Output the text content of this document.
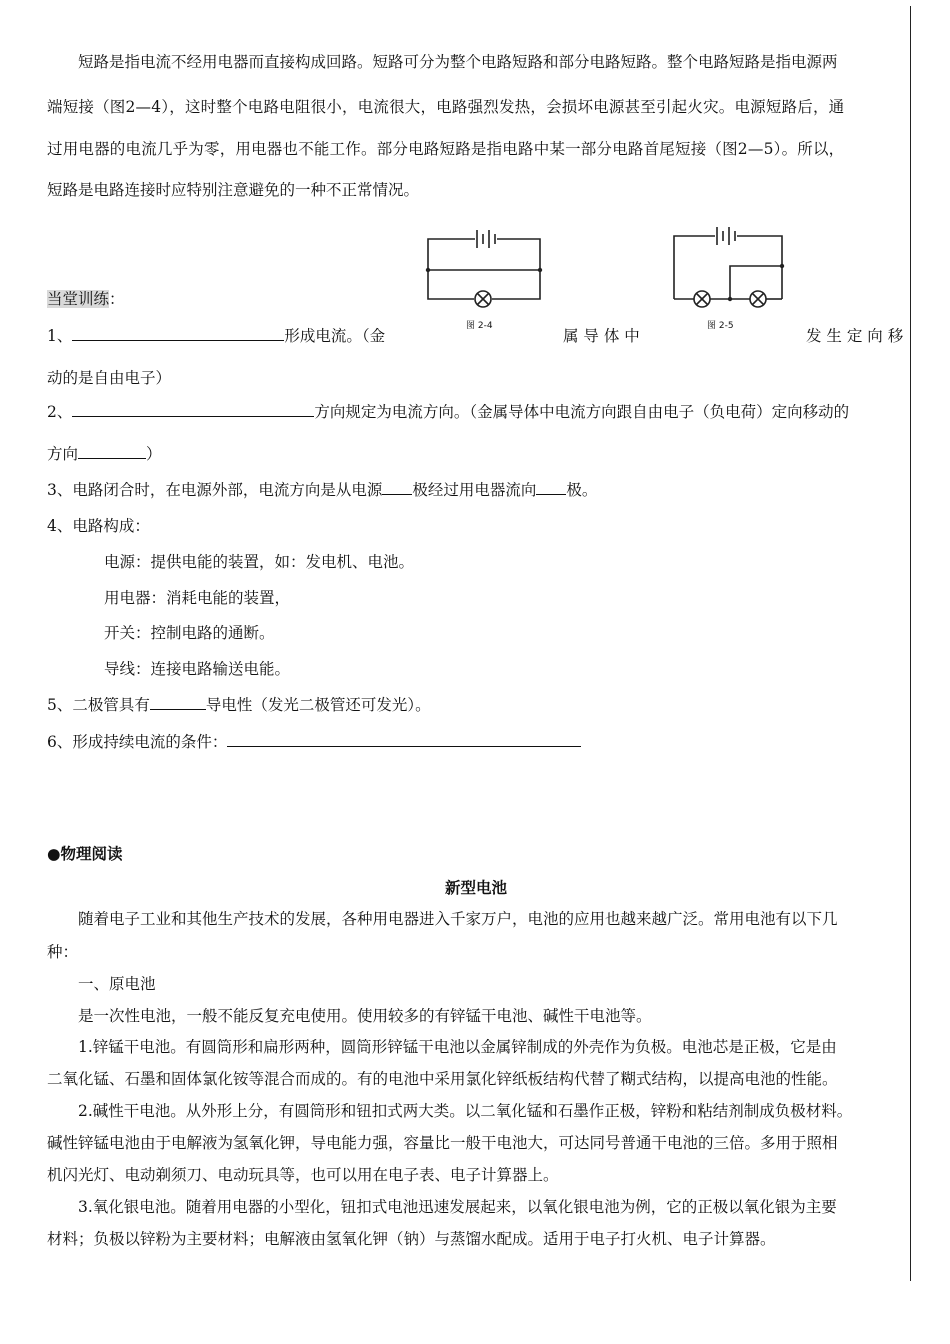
短路是指电流不经用电器而直接构成回路。短路可分为整个电路短路和部分电路短路。整个电路短路是指电源两
端短接（图2—4），这时整个电路电阻很小，电流很大，电路强烈发热，会损坏电源甚至引起火灾。电源短路后，通
过用电器的电流几乎为零，用电器也不能工作。部分电路短路是指电路中某一部分电路首尾短接（图2—5）。所以，
短路是电路连接时应特别注意避免的一种不正常情况。
图 2-4	图 2-5
当堂训练：
1、	形成电流。（金	属 导 体 中	发 生 定 向 移
动的是自由电子）
2、	方向规定为电流方向。（金属导体中电流方向跟自由电子（负电荷）定向移动的
方向	）
3、电路闭合时，在电源外部，电流方向是从电源 极经过用电器流向 极。
4、电路构成：
电源：提供电能的装置，如：发电机、电池。
用电器：消耗电能的装置，
开关：控制电路的通断。
导线：连接电路输送电能。
5、二极管具有	导电性（发光二极管还可发光）。
6、形成持续电流的条件：
●物理阅读
新型电池
随着电子工业和其他生产技术的发展，各种用电器进入千家万户，电池的应用也越来越广泛。常用电池有以下几
种：
一、原电池
是一次性电池，一般不能反复充电使用。使用较多的有锌锰干电池、碱性干电池等。
1.锌锰干电池。有圆筒形和扁形两种，圆筒形锌锰干电池以金属锌制成的外壳作为负极。电池芯是正极，它是由
二氧化锰、石墨和固体氯化铵等混合而成的。有的电池中采用氯化锌纸板结构代替了糊式结构，以提高电池的性能。
2.碱性干电池。从外形上分，有圆筒形和钮扣式两大类。以二氧化锰和石墨作正极，锌粉和粘结剂制成负极材料。
碱性锌锰电池由于电解液为氢氧化钾，导电能力强，容量比一般干电池大，可达同号普通干电池的三倍。多用于照相
机闪光灯、电动剃须刀、电动玩具等，也可以用在电子表、电子计算器上。
3.氧化银电池。随着用电器的小型化，钮扣式电池迅速发展起来，以氧化银电池为例，它的正极以氧化银为主要
材料；负极以锌粉为主要材料；电解液由氢氧化钾（钠）与蒸馏水配成。适用于电子打火机、电子计算器。
